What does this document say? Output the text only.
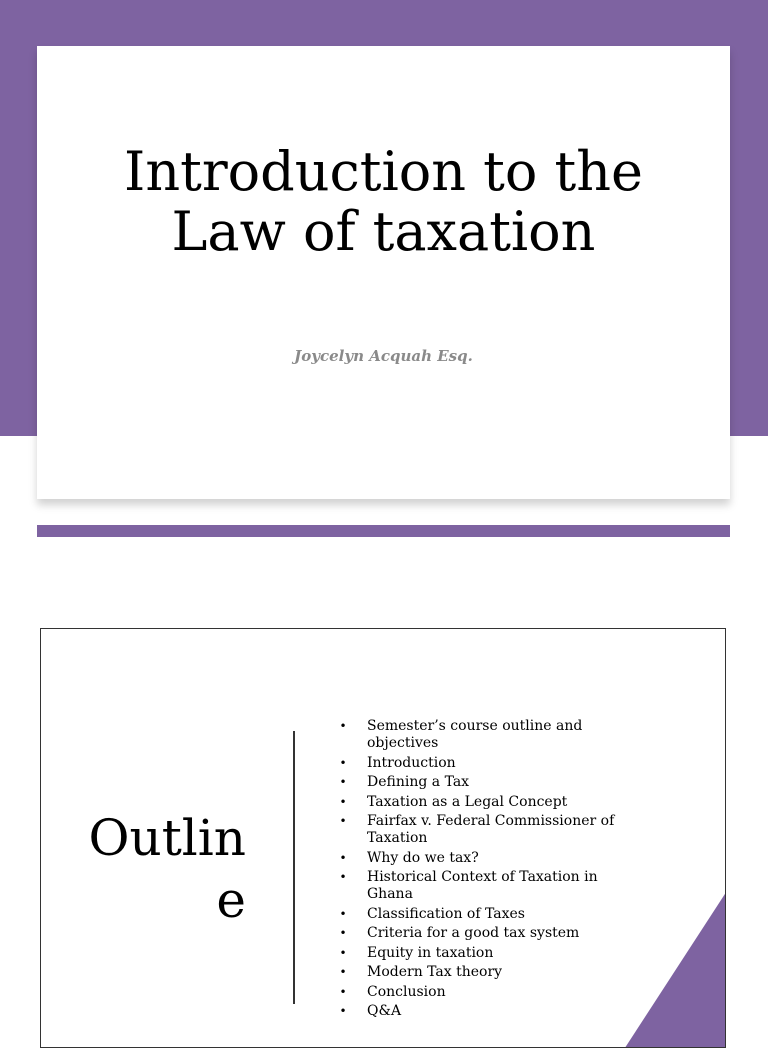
Introduction to the
Law of taxation
Joycelyn Acquah Esq.
Outlin
e
• Semester’s course outline and objectives
• Introduction
• Defining a Tax
• Taxation as a Legal Concept
• Fairfax v. Federal Commissioner of Taxation
• Why do we tax?
• Historical Context of Taxation in Ghana
• Classification of Taxes
• Criteria for a good tax system
• Equity in taxation
• Modern Tax theory
• Conclusion
• Q&A
